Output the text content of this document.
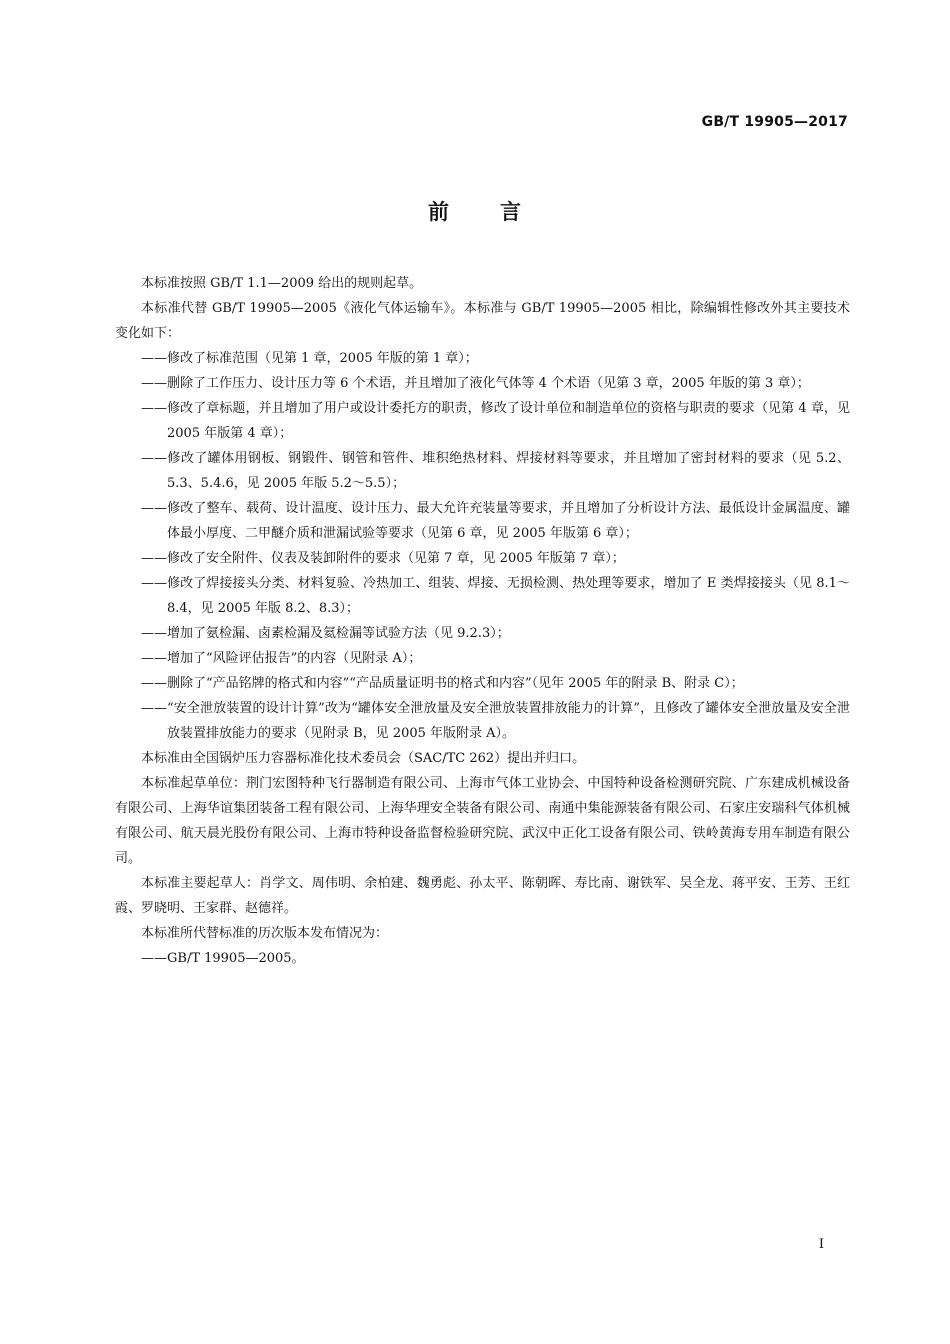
GB/T 19905—2017
前 言

本标准按照 GB/T 1.1—2009 给出的规则起草。

本标准代替 GB/T 19905—2005《液化气体运输车》。本标准与 GB/T 19905—2005 相比，除编辑性修改外其主要技术变化如下：

——修改了标准范围（见第 1 章，2005 年版的第 1 章）；

——删除了工作压力、设计压力等 6 个术语，并且增加了液化气体等 4 个术语（见第 3 章，2005 年版的第 3 章）；

——修改了章标题，并且增加了用户或设计委托方的职责，修改了设计单位和制造单位的资格与职责的要求（见第 4 章，见 2005 年版第 4 章）；

——修改了罐体用钢板、钢锻件、钢管和管件、堆积绝热材料、焊接材料等要求，并且增加了密封材料的要求（见 5.2、5.3、5.4.6，见 2005 年版 5.2～5.5）；

——修改了整车、载荷、设计温度、设计压力、最大允许充装量等要求，并且增加了分析设计方法、最低设计金属温度、罐体最小厚度、二甲醚介质和泄漏试验等要求（见第 6 章，见 2005 年版第 6 章）；

——修改了安全附件、仪表及装卸附件的要求（见第 7 章，见 2005 年版第 7 章）；

——修改了焊接接头分类、材料复验、冷热加工、组装、焊接、无损检测、热处理等要求，增加了 E 类焊接接头（见 8.1～8.4，见 2005 年版 8.2、8.3）；

——增加了氨检漏、卤素检漏及氦检漏等试验方法（见 9.2.3）；

——增加了“风险评估报告”的内容（见附录 A）；

——删除了“产品铭牌的格式和内容”“产品质量证明书的格式和内容”（见年 2005 年的附录 B、附录 C）；

——“安全泄放装置的设计计算”改为“罐体安全泄放量及安全泄放装置排放能力的计算”，且修改了罐体安全泄放量及安全泄放装置排放能力的要求（见附录 B，见 2005 年版附录 A）。

本标准由全国锅炉压力容器标准化技术委员会（SAC/TC 262）提出并归口。

本标准起草单位：荆门宏图特种飞行器制造有限公司、上海市气体工业协会、中国特种设备检测研究院、广东建成机械设备有限公司、上海华谊集团装备工程有限公司、上海华理安全装备有限公司、南通中集能源装备有限公司、石家庄安瑞科气体机械有限公司、航天晨光股份有限公司、上海市特种设备监督检验研究院、武汉中正化工设备有限公司、铁岭黄海专用车制造有限公司。

本标准主要起草人：肖学文、周伟明、余柏建、魏勇彪、孙太平、陈朝晖、寿比南、谢铁军、吴全龙、蒋平安、王芳、王红霞、罗晓明、王家群、赵德祥。

本标准所代替标准的历次版本发布情况为：

——GB/T 19905—2005。

I
